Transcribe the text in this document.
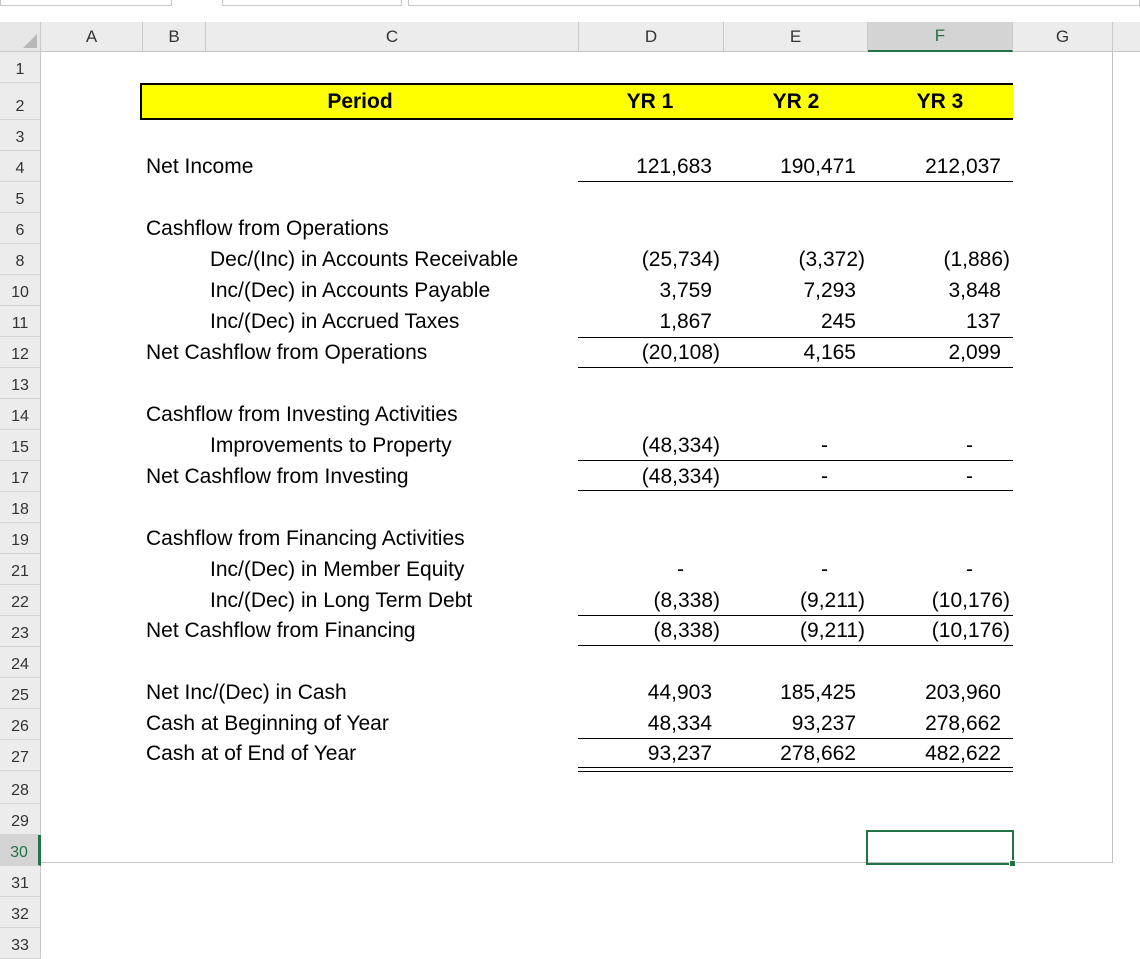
A	B	C	D	E	F	G
1
2
3
4
5
6
8
10
11
12
13
14
15
17
18
19
21
22
23
24
25
26
27
28
29
30
31
32
33
Period	YR 1	YR 2	YR 3
Net Income	121,683	190,471	212,037
Cashflow from Operations
Dec/(Inc) in Accounts Receivable	(25,734)	(3,372)	(1,886)
Inc/(Dec) in Accounts Payable	3,759	7,293	3,848
Inc/(Dec) in Accrued Taxes	1,867	245	137
Net Cashflow from Operations	(20,108)	4,165	2,099
Cashflow from Investing Activities
Improvements to Property	(48,334)	-	-
Net Cashflow from Investing	(48,334)	-	-
Cashflow from Financing Activities
Inc/(Dec) in Member Equity	-	-	-
Inc/(Dec) in Long Term Debt	(8,338)	(9,211)	(10,176)
Net Cashflow from Financing	(8,338)	(9,211)	(10,176)
Net Inc/(Dec) in Cash	44,903	185,425	203,960
Cash at Beginning of Year	48,334	93,237	278,662
Cash at of End of Year	93,237	278,662	482,622
